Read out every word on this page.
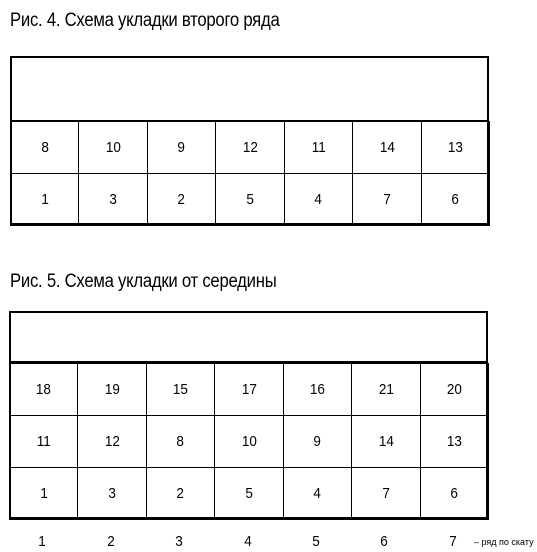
Рис. 4. Схема укладки второго ряда
8	10	9	12	11	14	13
1	3	2	5	4	7	6
Рис. 5. Схема укладки от середины
18	19	15	17	16	21	20
11	12	8	10	9	14	13
1	3	2	5	4	7	6
1	2	3	4	5	6	7	– ряд по скату
